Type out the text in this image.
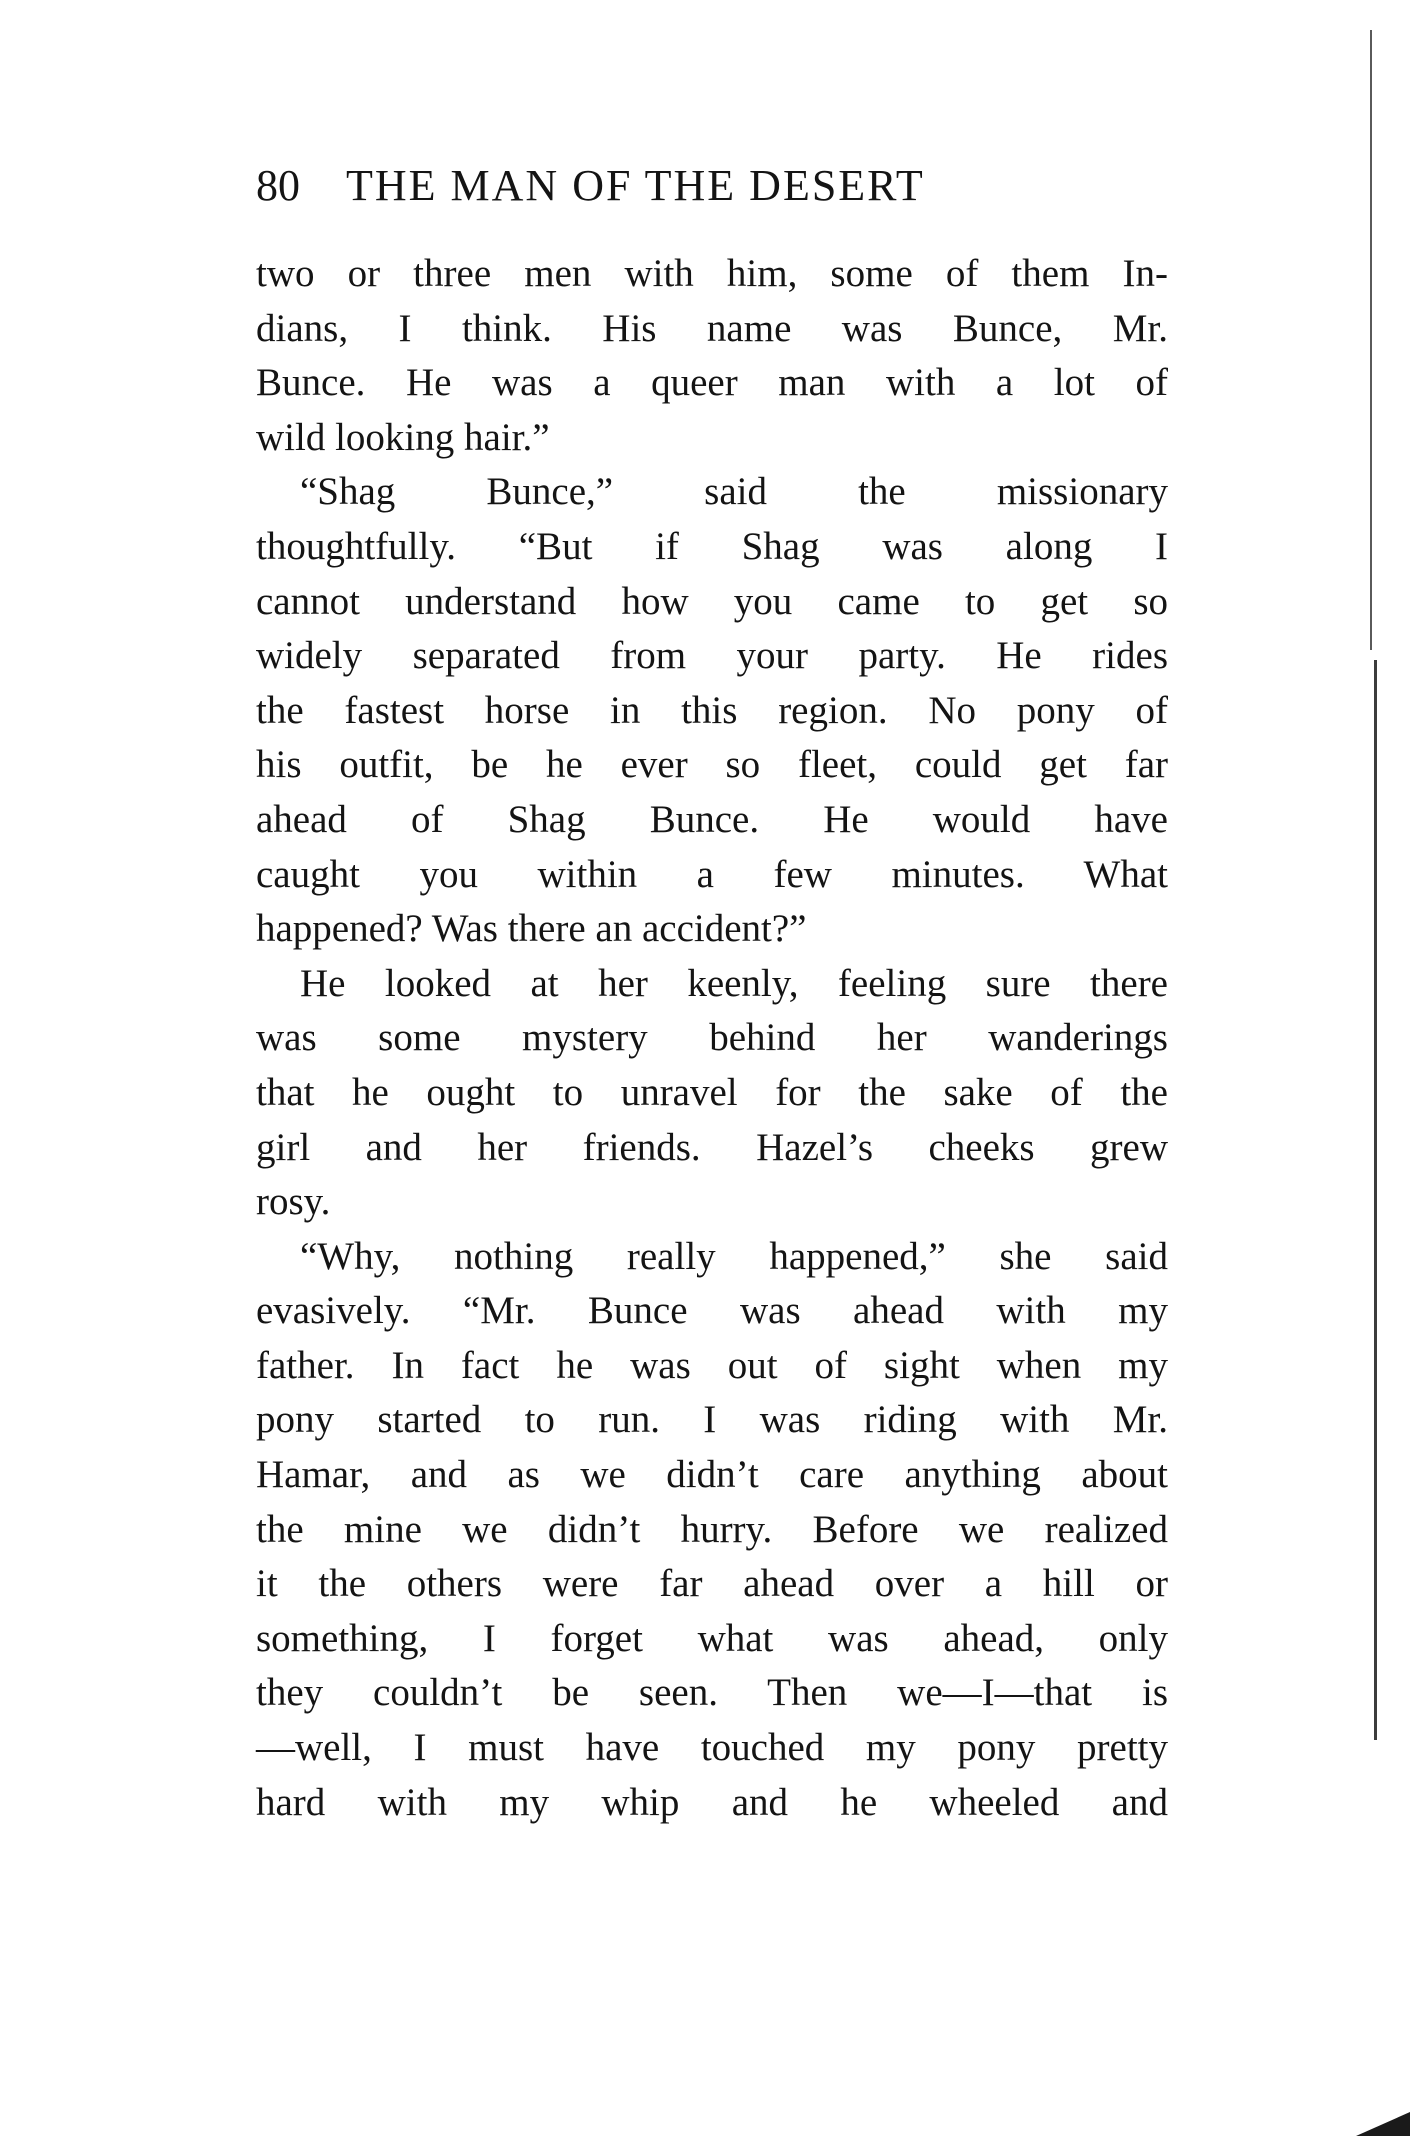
80 THE MAN OF THE DESERT
two or three men with him, some of them In-
dians, I think. His name was Bunce, Mr.
Bunce. He was a queer man with a lot of
wild looking hair.”
“Shag Bunce,” said the missionary
thoughtfully. “But if Shag was along I
cannot understand how you came to get so
widely separated from your party. He rides
the fastest horse in this region. No pony of
his outfit, be he ever so fleet, could get far
ahead of Shag Bunce. He would have
caught you within a few minutes. What
happened? Was there an accident?”
He looked at her keenly, feeling sure there
was some mystery behind her wanderings
that he ought to unravel for the sake of the
girl and her friends. Hazel’s cheeks grew
rosy.
“Why, nothing really happened,” she said
evasively. “Mr. Bunce was ahead with my
father. In fact he was out of sight when my
pony started to run. I was riding with Mr.
Hamar, and as we didn’t care anything about
the mine we didn’t hurry. Before we realized
it the others were far ahead over a hill or
something, I forget what was ahead, only
they couldn’t be seen. Then we—I—that is
—well, I must have touched my pony pretty
hard with my whip and he wheeled and
